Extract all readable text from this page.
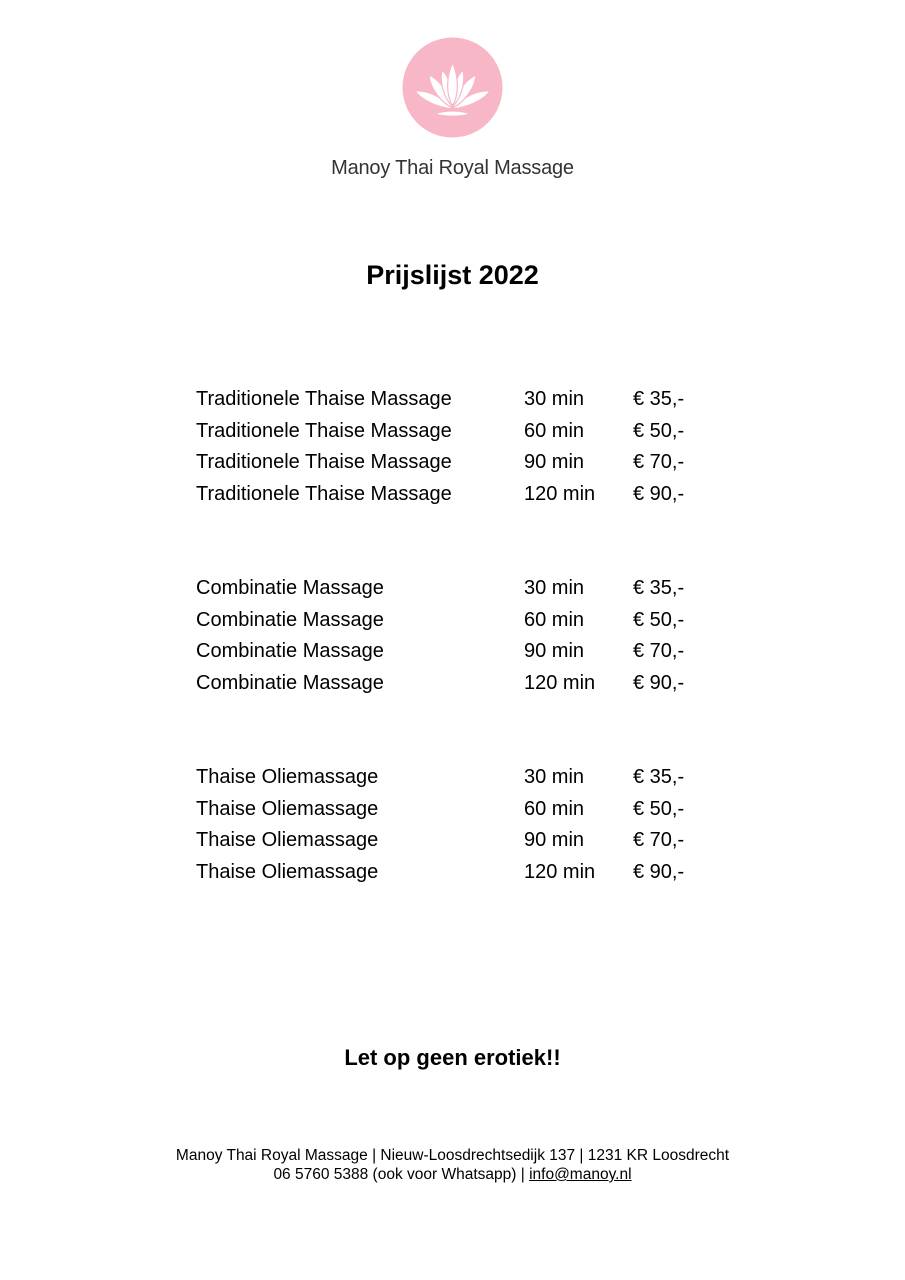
Manoy Thai Royal Massage
Prijslijst 2022
Traditionele Thaise Massage	30 min € 35,-
Traditionele Thaise Massage	60 min € 50,-
Traditionele Thaise Massage	90 min € 70,-
Traditionele Thaise Massage	120 min € 90,-
Combinatie Massage	30 min € 35,-
Combinatie Massage	60 min € 50,-
Combinatie Massage	90 min € 70,-
Combinatie Massage	120 min € 90,-
Thaise Oliemassage	30 min € 35,-
Thaise Oliemassage	60 min € 50,-
Thaise Oliemassage	90 min € 70,-
Thaise Oliemassage	120 min € 90,-
Let op geen erotiek!!
Manoy Thai Royal Massage | Nieuw-Loosdrechtsedijk 137 | 1231 KR Loosdrecht
06 5760 5388 (ook voor Whatsapp) | info@manoy.nl
